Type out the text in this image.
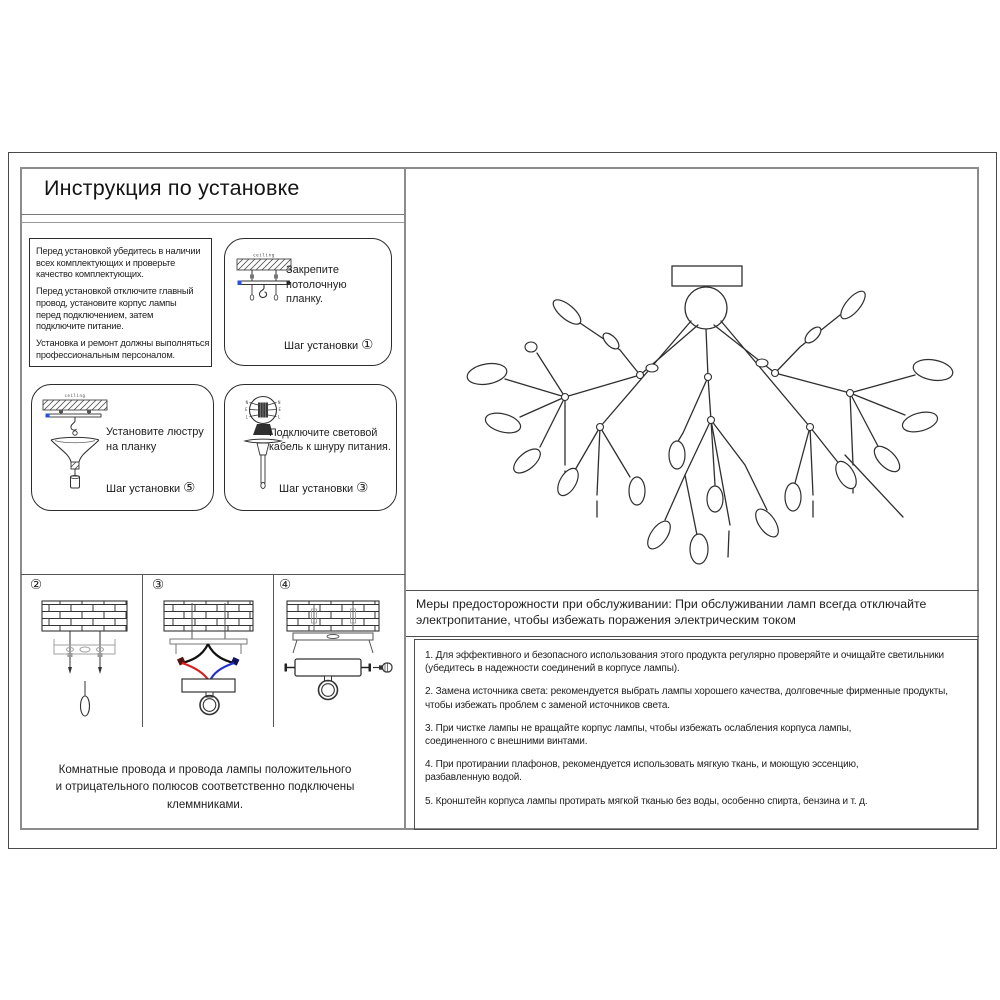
Инструкция по установке
Перед установкой убедитесь в наличии
всех комплектующих и проверьте
качество комплектующих.
Перед установкой отключите главный
провод, установите корпус лампы
перед подключением, затем
подключите питание.
Установка и ремонт должны выполняться
профессиональным персоналом.
ceiling
Закрепите
потолочную
планку.
Шаг установки ①
ceiling
Установите люстру
на планку
Шаг установки ⑤
N
E
L
N
E
L
Подключите световой
кабель к шнуру питания.
Шаг установки ③
②	③	④
Комнатные провода и провода лампы положительного
и отрицательного полюсов соответственно подключены
клеммниками.
Меры предосторожности при обслуживании: При обслуживании ламп всегда отключайте
электропитание, чтобы избежать поражения электрическим током
1. Для эффективного и безопасного использования этого продукта регулярно проверяйте и очищайте светильники
(убедитесь в надежности соединений в корпусе лампы).
2. Замена источника света: рекомендуется выбрать лампы хорошего качества, долговечные фирменные продукты,
чтобы избежать проблем с заменой источников света.
3. При чистке лампы не вращайте корпус лампы, чтобы избежать ослабления корпуса лампы,
соединенного с внешними винтами.
4. При протирании плафонов, рекомендуется использовать мягкую ткань, и моющую эссенцию,
разбавленную водой.
5. Кронштейн корпуса лампы протирать мягкой тканью без воды, особенно спирта, бензина и т. д.
